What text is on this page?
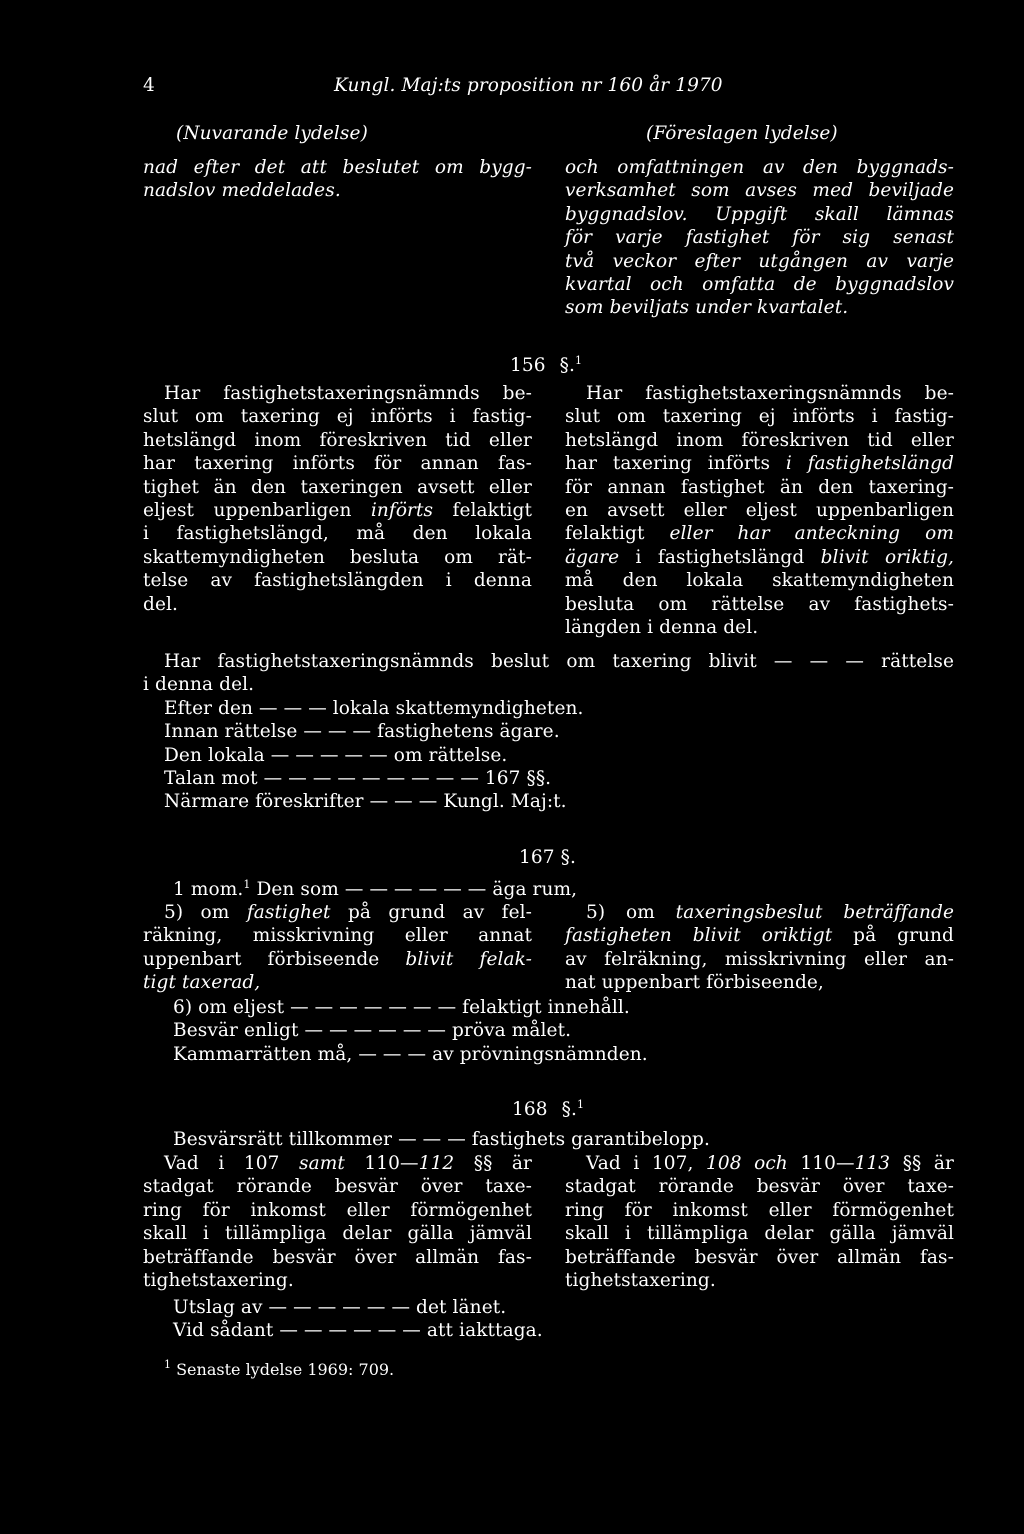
4	Kungl. Maj:ts proposition nr 160 år 1970
(Nuvarande lydelse)	(Föreslagen lydelse)
nad efter det att beslutet om bygg-
nadslov meddelades.
och omfattningen av den byggnads-
verksamhet som avses med beviljade
byggnadslov. Uppgift skall lämnas
för varje fastighet för sig senast
två veckor efter utgången av varje
kvartal och omfatta de byggnadslov
som beviljats under kvartalet.
156 §.$^1$
Har fastighetstaxeringsnämnds be-
slut om taxering ej införts i fastig-
hetslängd inom föreskriven tid eller
har taxering införts för annan fas-
tighet än den taxeringen avsett eller
eljest uppenbarligen införts felaktigt
i fastighetslängd, må den lokala
skattemyndigheten besluta om rät-
telse av fastighetslängden i denna
del.
Har fastighetstaxeringsnämnds be-
slut om taxering ej införts i fastig-
hetslängd inom föreskriven tid eller
har taxering införts i fastighetslängd
för annan fastighet än den taxering-
en avsett eller eljest uppenbarligen
felaktigt eller har anteckning om
ägare i fastighetslängd blivit oriktig,
må den lokala skattemyndigheten
besluta om rättelse av fastighets-
längden i denna del.
Har fastighetstaxeringsnämnds beslut om taxering blivit — — — rättelse
i denna del.
Efter den — — — lokala skattemyndigheten.
Innan rättelse — — — fastighetens ägare.
Den lokala — — — — — om rättelse.
Talan mot — — — — — — — — — 167 §§.
Närmare föreskrifter — — — Kungl. Maj:t.
167 §.
1 mom.$^1$ Den som — — — — — — äga rum,
5) om fastighet på grund av fel-
räkning, misskrivning eller annat
uppenbart förbiseende blivit felak-
tigt taxerad,
5) om taxeringsbeslut beträffande
fastigheten blivit oriktigt på grund
av felräkning, misskrivning eller an-
nat uppenbart förbiseende,
6) om eljest — — — — — — — felaktigt innehåll.
Besvär enligt — — — — — — pröva målet.
Kammarrätten må, — — — av prövningsnämnden.
168 §.$^1$
Besvärsrätt tillkommer — — — fastighets garantibelopp.
Vad i 107 samt 110—112 §§ är
stadgat rörande besvär över taxe-
ring för inkomst eller förmögenhet
skall i tillämpliga delar gälla jämväl
beträffande besvär över allmän fas-
tighetstaxering.
Vad i 107, 108 och 110—113 §§ är
stadgat rörande besvär över taxe-
ring för inkomst eller förmögenhet
skall i tillämpliga delar gälla jämväl
beträffande besvär över allmän fas-
tighetstaxering.
Utslag av — — — — — — det länet.
Vid sådant — — — — — — att iakttaga.
$^1$ Senaste lydelse 1969: 709.
